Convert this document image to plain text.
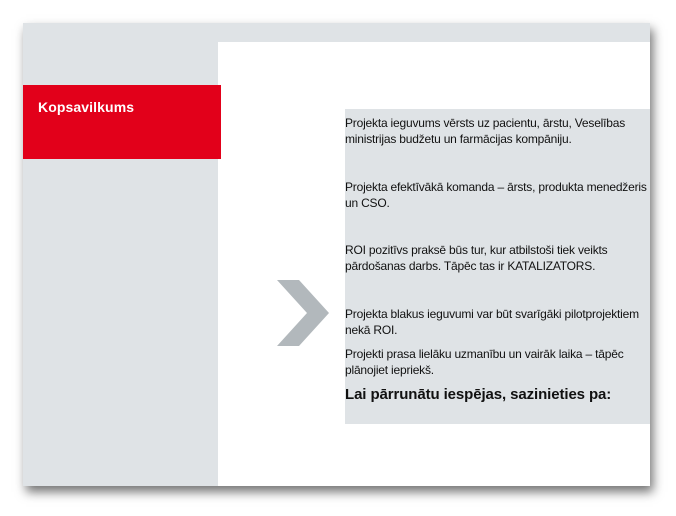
Kopsavilkums
Projekta ieguvums vērsts uz pacientu, ārstu, Veselības ministrijas budžetu un farmācijas kompāniju.
Projekta efektīvākā komanda – ārsts, produkta menedžeris un CSO.
ROI pozitīvs praksē būs tur, kur atbilstoši tiek veikts pārdošanas darbs. Tāpēc tas ir KATALIZATORS.
Projekta blakus ieguvumi var būt svarīgāki pilotprojektiem nekā ROI.
Projekti prasa lielāku uzmanību un vairāk laika – tāpēc plānojiet iepriekš.
Lai pārrunātu iespējas, sazinieties pa:
